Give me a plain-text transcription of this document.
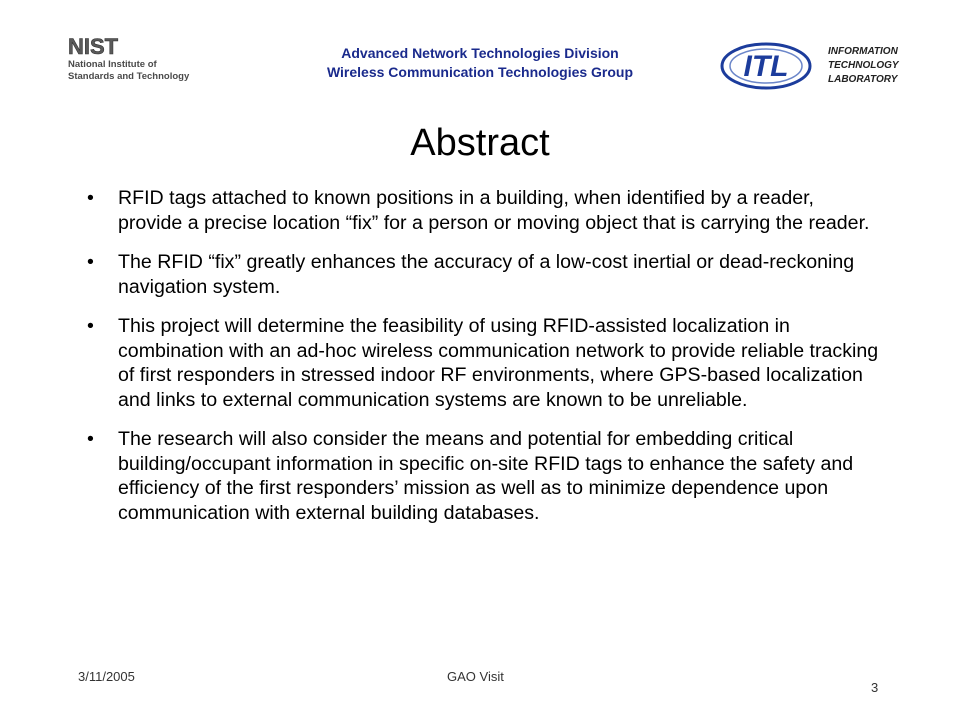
NIST
National Institute of
Standards and Technology
Advanced Network Technologies Division
Wireless Communication Technologies Group	ITL	INFORMATION
TECHNOLOGY
LABORATORY
Abstract
• RFID tags attached to known positions in a building, when identified by a reader, provide a precise location “fix” for a person or moving object that is carrying the reader.
• The RFID “fix” greatly enhances the accuracy of a low-cost inertial or dead-reckoning navigation system.
• This project will determine the feasibility of using RFID-assisted localization in combination with an ad-hoc wireless communication network to provide reliable tracking of first responders in stressed indoor RF environments, where GPS-based localization and links to external communication systems are known to be unreliable.
• The research will also consider the means and potential for embedding critical building/occupant information in specific on-site RFID tags to enhance the safety and efficiency of the first responders’ mission as well as to minimize dependence upon communication with external building databases.
3/11/2005	GAO Visit
3
